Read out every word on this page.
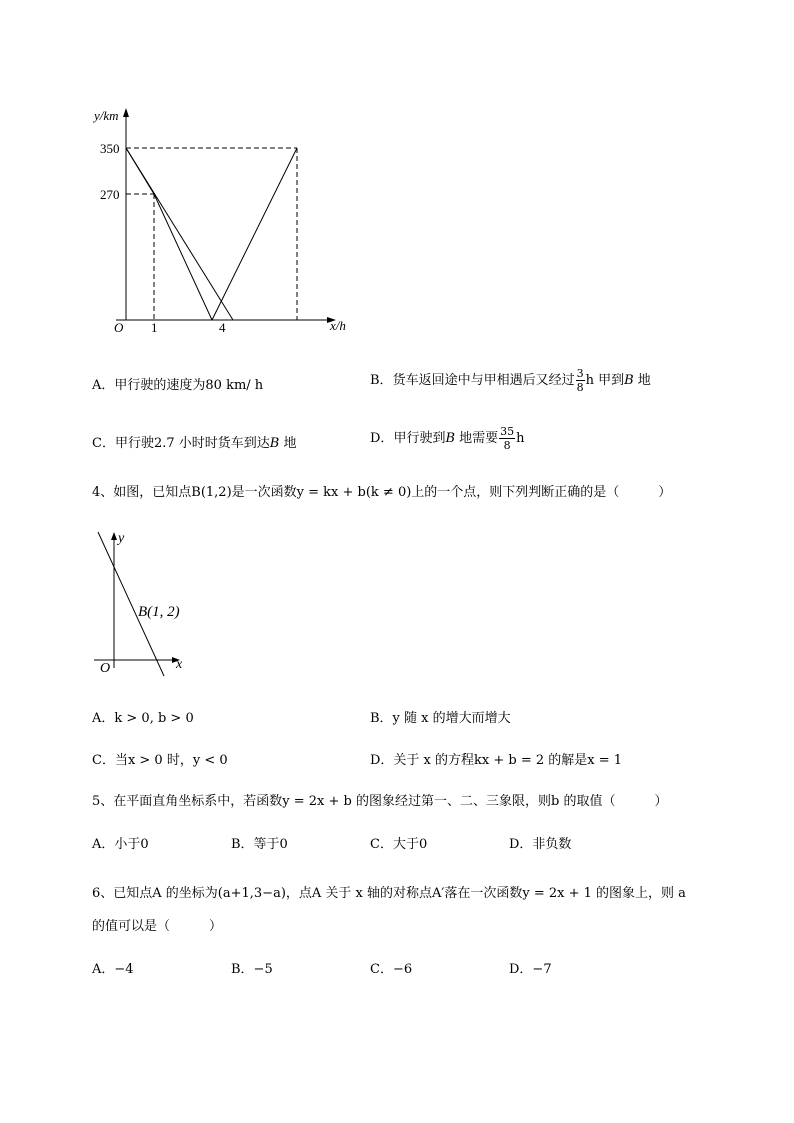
y/km
x/h
O
350
270
1	4
A．甲行驶的速度为80 km/ h	B．货车返回途中与甲相遇后又经过 $\frac{3}{8}$ h 甲到B 地
C．甲行驶2.7 小时时货车到达B 地	D．甲行驶到B 地需要 $\frac{35}{8}$ h
4、如图，已知点B(1,2)是一次函数y = kx + b(k ≠ 0)上的一个点，则下列判断正确的是（　　　）
y
x
O
B(1, 2)
A．k > 0, b > 0	B．y 随 x 的增大而增大
C．当x > 0 时，y < 0	D．关于 x 的方程kx + b = 2 的解是x = 1
5、在平面直角坐标系中，若函数y = 2x + b 的图象经过第一、二、三象限，则b 的取值（　　　）
A．小于0	B．等于0	C．大于0	D．非负数
6、已知点A 的坐标为(a+1,3−a)，点A 关于 x 轴的对称点A′落在一次函数y = 2x + 1 的图象上，则 a
的值可以是（　　　）
A．−4	B．−5	C．−6	D．−7
